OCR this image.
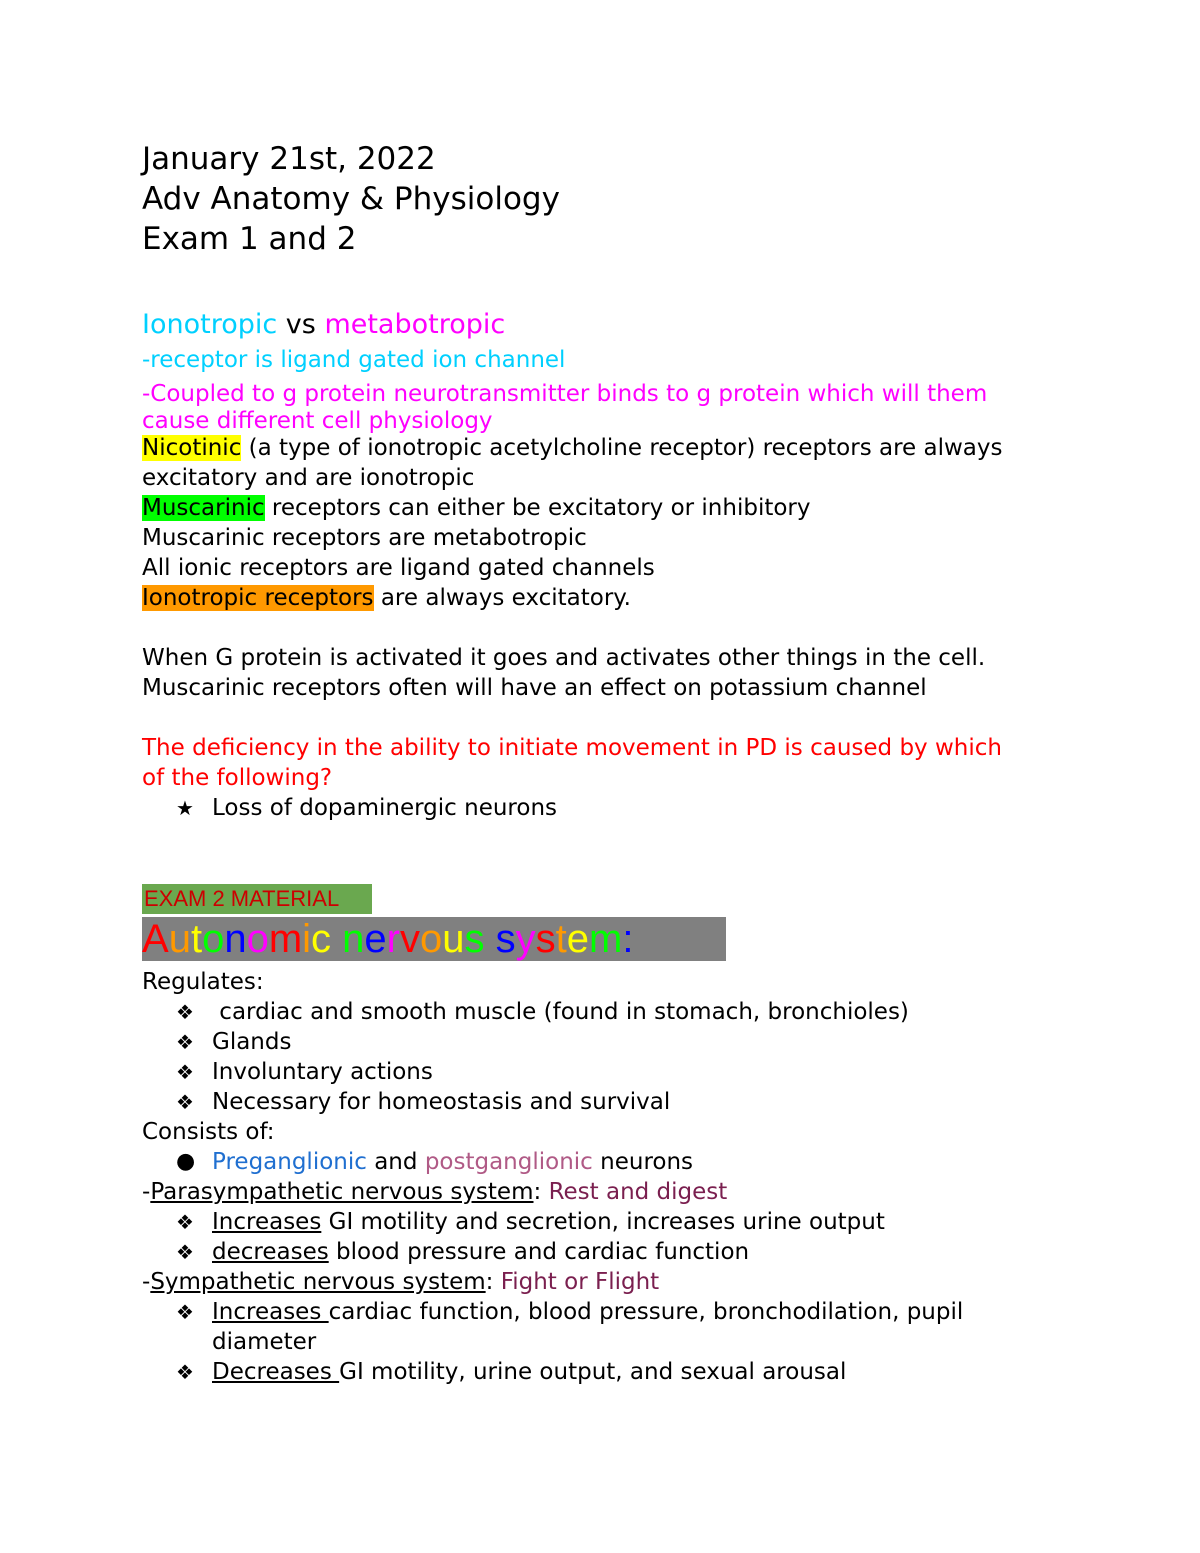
January 21st, 2022
Adv Anatomy & Physiology
Exam 1 and 2
Ionotropic vs metabotropic
-receptor is ligand gated ion channel
-Coupled to g protein neurotransmitter binds to g protein which will them
cause different cell physiology
Nicotinic (a type of ionotropic acetylcholine receptor) receptors are always
excitatory and are ionotropic
Muscarinic receptors can either be excitatory or inhibitory
Muscarinic receptors are metabotropic
All ionic receptors are ligand gated channels
Ionotropic receptors are always excitatory.
When G protein is activated it goes and activates other things in the cell.
Muscarinic receptors often will have an effect on potassium channel
The deficiency in the ability to initiate movement in PD is caused by which
of the following?
★ Loss of dopaminergic neurons
EXAM 2 MATERIAL
Autonomic nervous system:
Regulates:
❖ cardiac and smooth muscle (found in stomach, bronchioles)
❖ Glands
❖ Involuntary actions
❖ Necessary for homeostasis and survival
Consists of:
● Preganglionic and postganglionic neurons
-Parasympathetic nervous system: Rest and digest
❖ Increases GI motility and secretion, increases urine output
❖ decreases blood pressure and cardiac function
-Sympathetic nervous system: Fight or Flight
❖ Increases cardiac function, blood pressure, bronchodilation, pupil
diameter
❖ Decreases GI motility, urine output, and sexual arousal
